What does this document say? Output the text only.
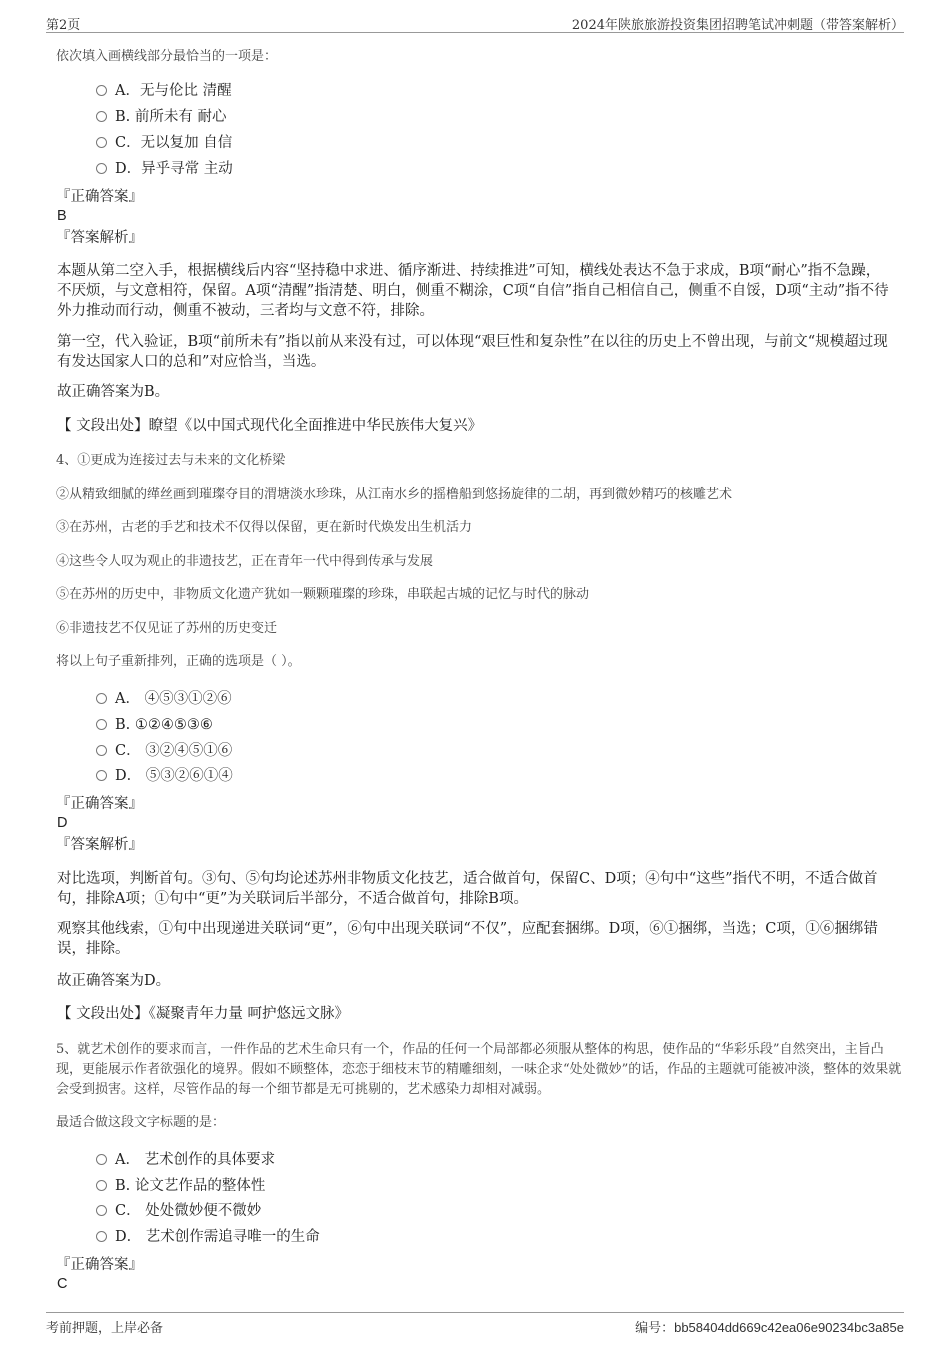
第2页	2024年陕旅旅游投资集团招聘笔试冲刺题（带答案解析）
依次填入画横线部分最恰当的一项是：
A．无与伦比 清醒
B. 前所未有 耐心
C．无以复加 自信
D．异乎寻常 主动
『正确答案』
B
『答案解析』
本题从第二空入手，根据横线后内容“坚持稳中求进、循序渐进、持续推进”可知，横线处表达不急于求成，B项“耐心”指不急躁，不厌烦，与文意相符，保留。A项“清醒”指清楚、明白，侧重不糊涂，C项“自信”指自己相信自己，侧重不自馁，D项“主动”指不待外力推动而行动，侧重不被动，三者均与文意不符，排除。
第一空，代入验证，B项“前所未有”指以前从来没有过，可以体现“艰巨性和复杂性”在以往的历史上不曾出现，与前文“规模超过现有发达国家人口的总和”对应恰当，当选。
故正确答案为B。
【 文段出处】瞭望《以中国式现代化全面推进中华民族伟大复兴》
4、①更成为连接过去与未来的文化桥梁
②从精致细腻的缂丝画到璀璨夺目的渭塘淡水珍珠，从江南水乡的摇橹船到悠扬旋律的二胡，再到微妙精巧的核雕艺术
③在苏州，古老的手艺和技术不仅得以保留，更在新时代焕发出生机活力
④这些令人叹为观止的非遗技艺，正在青年一代中得到传承与发展
⑤在苏州的历史中，非物质文化遗产犹如一颗颗璀璨的珍珠，串联起古城的记忆与时代的脉动
⑥非遗技艺不仅见证了苏州的历史变迁
将以上句子重新排列，正确的选项是（ ）。
A． ④⑤③①②⑥
B. ①②④⑤③⑥
C． ③②④⑤①⑥
D． ⑤③②⑥①④
『正确答案』
D
『答案解析』
对比选项，判断首句。③句、⑤句均论述苏州非物质文化技艺，适合做首句，保留C、D项；④句中“这些”指代不明，不适合做首句，排除A项；①句中“更”为关联词后半部分，不适合做首句，排除B项。
观察其他线索，①句中出现递进关联词“更”，⑥句中出现关联词“不仅”，应配套捆绑。D项，⑥①捆绑，当选；C项，①⑥捆绑错误，排除。
故正确答案为D。
【 文段出处】《凝聚青年力量 呵护悠远文脉》
5、就艺术创作的要求而言，一件作品的艺术生命只有一个，作品的任何一个局部都必须服从整体的构思，使作品的“华彩乐段”自然突出，主旨凸现，更能展示作者欲强化的境界。假如不顾整体，恋恋于细枝末节的精雕细刻，一味企求“处处微妙”的话，作品的主题就可能被冲淡，整体的效果就会受到损害。这样，尽管作品的每一个细节都是无可挑剔的，艺术感染力却相对减弱。
最适合做这段文字标题的是：
A． 艺术创作的具体要求
B. 论文艺作品的整体性
C． 处处微妙便不微妙
D． 艺术创作需追寻唯一的生命
『正确答案』
C
考前押题，上岸必备	编号：bb58404dd669c42ea06e90234bc3a85e
